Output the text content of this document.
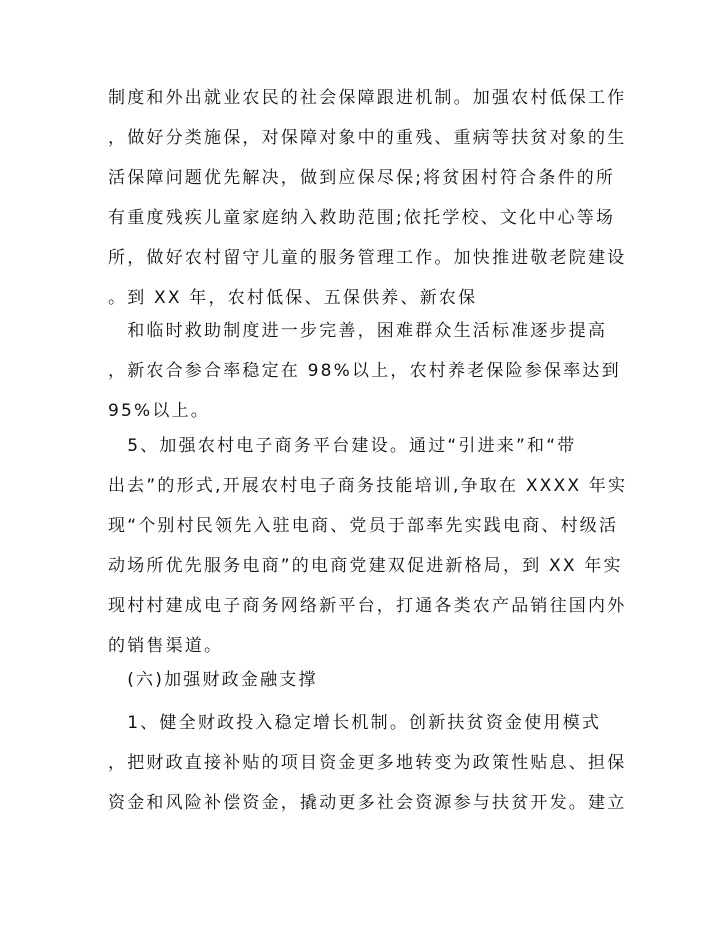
制度和外出就业农民的社会保障跟进机制。加强农村低保工作
，做好分类施保，对保障对象中的重残、重病等扶贫对象的生
活保障问题优先解决，做到应保尽保;将贫困村符合条件的所
有重度残疾儿童家庭纳入救助范围;依托学校、文化中心等场
所，做好农村留守儿童的服务管理工作。加快推进敬老院建设
。到 XX 年，农村低保、五保供养、新农保
　和临时救助制度进一步完善，困难群众生活标准逐步提高
，新农合参合率稳定在 98%以上，农村养老保险参保率达到
95%以上。
　5、加强农村电子商务平台建设。通过“引进来”和“带
出去”的形式,开展农村电子商务技能培训,争取在 XXXX 年实
现“个别村民领先入驻电商、党员于部率先实践电商、村级活
动场所优先服务电商”的电商党建双促进新格局，到 XX 年实
现村村建成电子商务网络新平台，打通各类农产品销往国内外
的销售渠道。
　(六)加强财政金融支撑
　1、健全财政投入稳定增长机制。创新扶贫资金使用模式
，把财政直接补贴的项目资金更多地转变为政策性贴息、担保
资金和风险补偿资金，撬动更多社会资源参与扶贫开发。建立
